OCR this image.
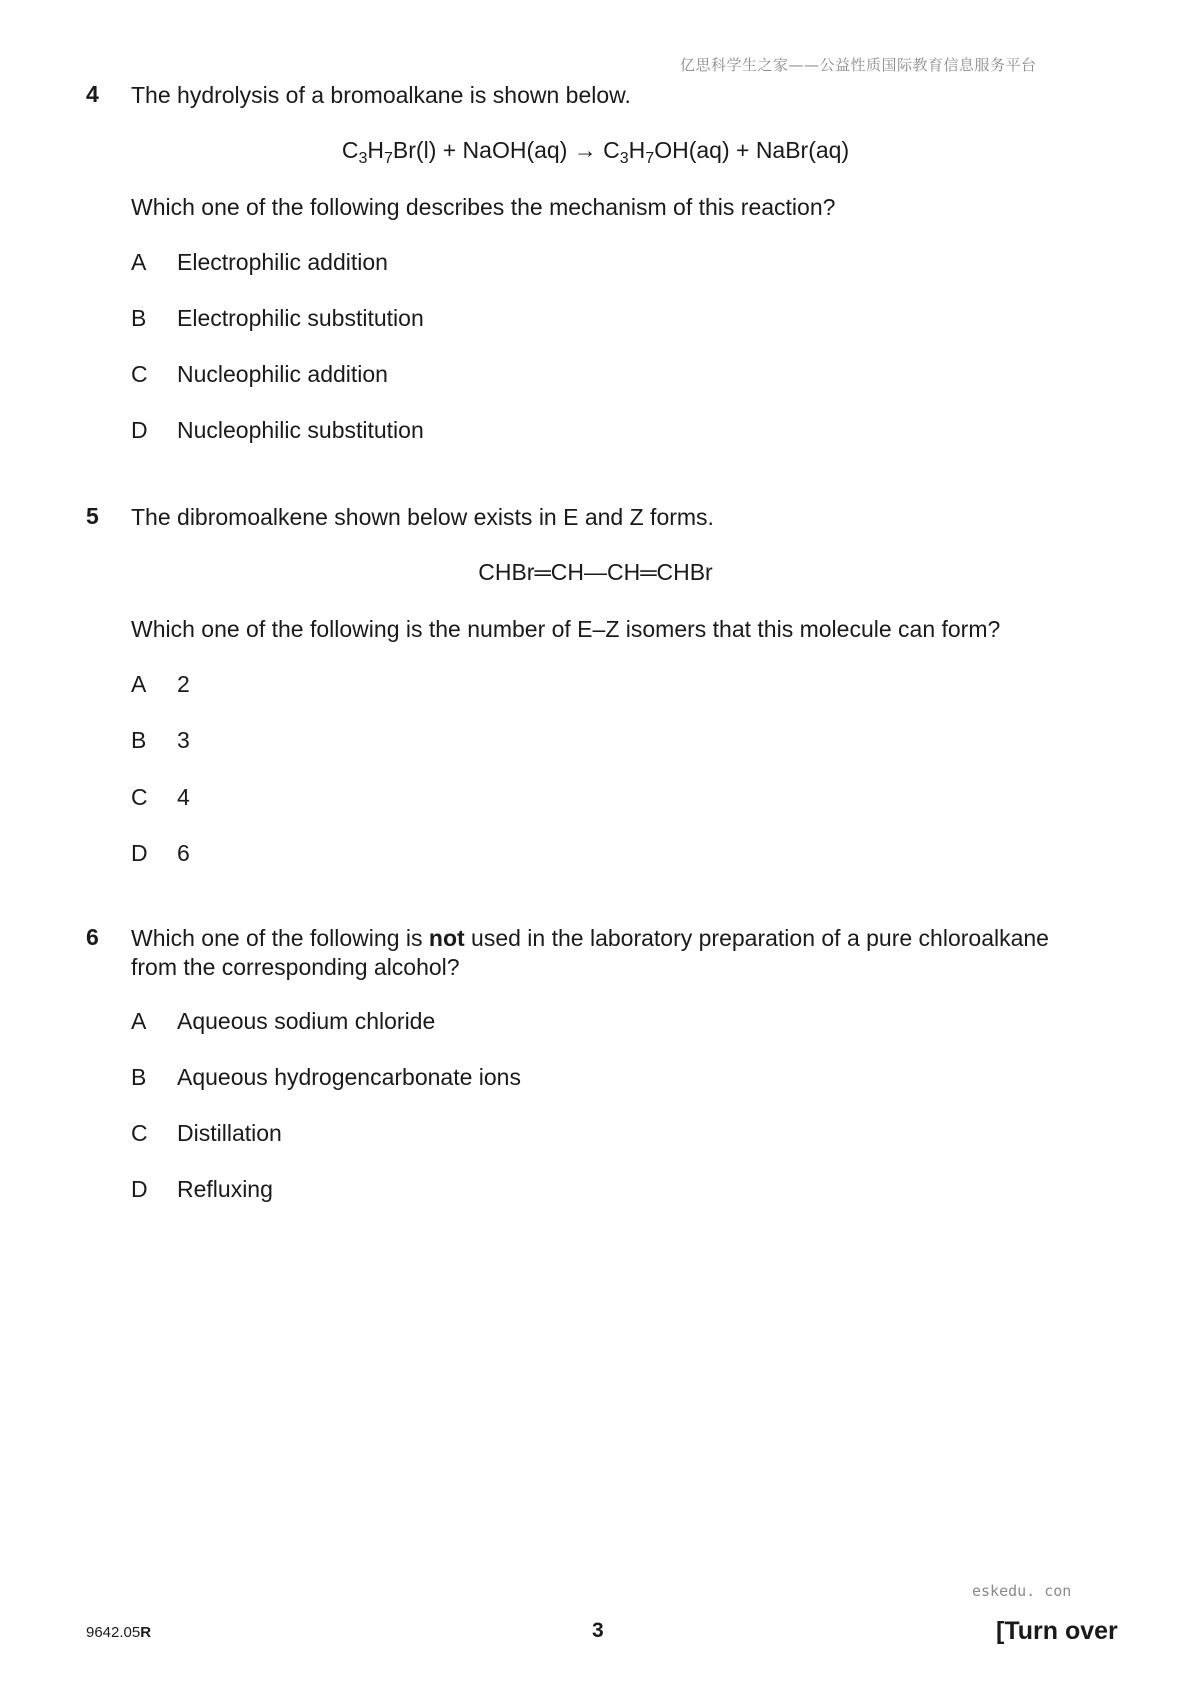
亿思科学生之家——公益性质国际教育信息服务平台
4 The hydrolysis of a bromoalkane is shown below.
$C_3H_7Br(l)$ + NaOH(aq) → $C_3H_7OH(aq)$ + NaBr(aq)
Which one of the following describes the mechanism of this reaction?
A Electrophilic addition
B Electrophilic substitution
C Nucleophilic addition
D Nucleophilic substitution
5 The dibromoalkene shown below exists in E and Z forms.
CHBr═CH—CH═CHBr
Which one of the following is the number of E–Z isomers that this molecule can form?
A 2
B 3
C 4
D 6
6 Which one of the following is not used in the laboratory preparation of a pure chloroalkane
from the corresponding alcohol?
A Aqueous sodium chloride
B Aqueous hydrogencarbonate ions
C Distillation
D Refluxing
eskedu. con
9642.05R	3	[Turn over
